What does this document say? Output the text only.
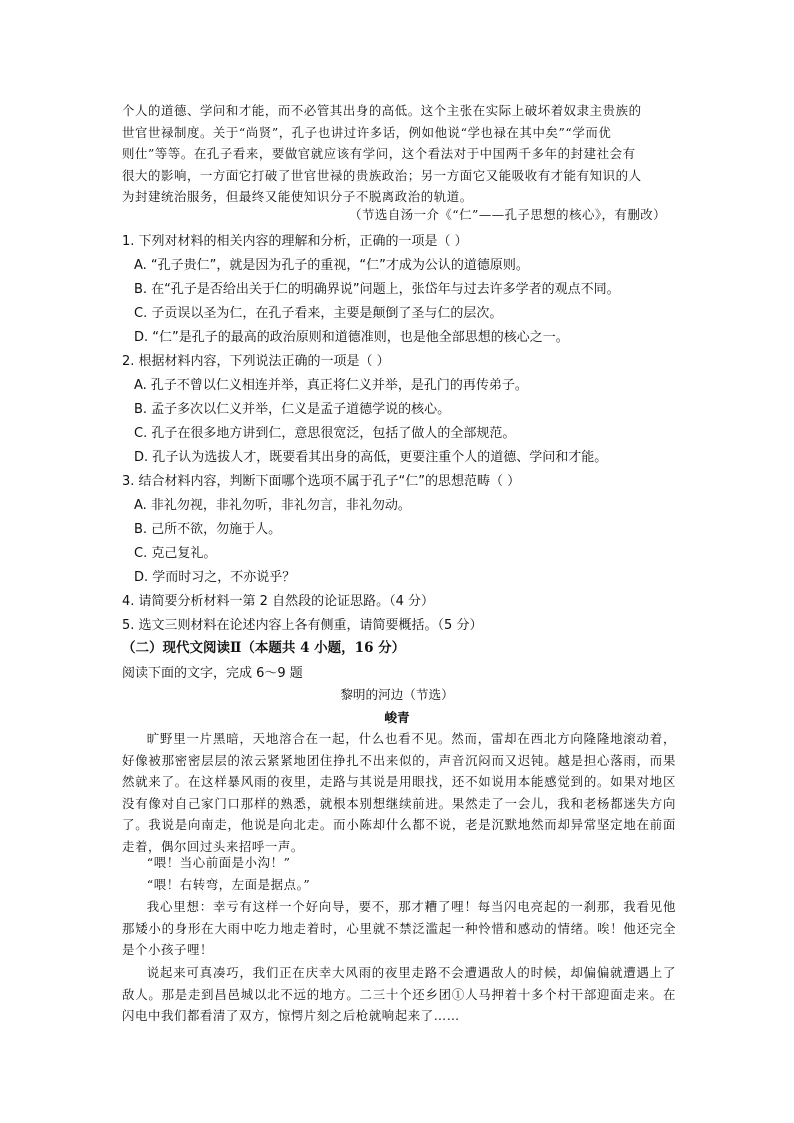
个人的道德、学问和才能，而不必管其出身的高低。这个主张在实际上破坏着奴隶主贵族的

世官世禄制度。关于“尚贤”，孔子也讲过许多话，例如他说“学也禄在其中矣”“学而优

则仕”等等。在孔子看来，要做官就应该有学问，这个看法对于中国两千多年的封建社会有

很大的影响，一方面它打破了世官世禄的贵族政治；另一方面它又能吸收有才能有知识的人

为封建统治服务，但最终又能使知识分子不脱离政治的轨道。

（节选自汤一介《“仁”——孔子思想的核心》，有删改）
1. 下列对材料的相关内容的理解和分析，正确的一项是（ ）
A. “孔子贵仁”，就是因为孔子的重视，“仁”才成为公认的道德原则。
B. 在“孔子是否给出关于仁的明确界说”问题上，张岱年与过去许多学者的观点不同。
C. 子贡误以圣为仁，在孔子看来，主要是颠倒了圣与仁的层次。
D. “仁”是孔子的最高的政治原则和道德准则，也是他全部思想的核心之一。
2. 根据材料内容，下列说法正确的一项是（ ）
A. 孔子不曾以仁义相连并举，真正将仁义并举，是孔门的再传弟子。
B. 孟子多次以仁义并举，仁义是孟子道德学说的核心。
C. 孔子在很多地方讲到仁，意思很宽泛，包括了做人的全部规范。
D. 孔子认为选拔人才，既要看其出身的高低，更要注重个人的道德、学问和才能。
3. 结合材料内容，判断下面哪个选项不属于孔子“仁”的思想范畴（ ）
A. 非礼勿视，非礼勿听，非礼勿言，非礼勿动。
B. 己所不欲，勿施于人。
C. 克己复礼。
D. 学而时习之，不亦说乎？
4. 请简要分析材料一第 2 自然段的论证思路。（4 分）
5. 选文三则材料在论述内容上各有侧重，请简要概括。（5 分）
（二）现代文阅读Ⅱ（本题共 4 小题，16 分）
阅读下面的文字，完成 6～9 题
黎明的河边（节选）
峻青
旷野里一片黑暗，天地溶合在一起，什么也看不见。然而，雷却在西北方向隆隆地滚动着，好像被那密密层层的浓云紧紧地团住挣扎不出来似的，声音沉闷而又迟钝。越是担心落雨，而果然就来了。在这样暴风雨的夜里，走路与其说是用眼找，还不如说用本能感觉到的。如果对地区没有像对自己家门口那样的熟悉，就根本别想继续前进。果然走了一会儿，我和老杨都迷失方向了。我说是向南走，他说是向北走。而小陈却什么都不说，老是沉默地然而却异常坚定地在前面走着，偶尔回过头来招呼一声。
“喂！当心前面是小沟！”
“喂！右转弯，左面是据点。”
我心里想：幸亏有这样一个好向导，要不，那才糟了哩！每当闪电亮起的一刹那，我看见他那矮小的身形在大雨中吃力地走着时，心里就不禁泛滥起一种怜惜和感动的情绪。唉！他还完全是个小孩子哩！
说起来可真凑巧，我们正在庆幸大风雨的夜里走路不会遭遇敌人的时候，却偏偏就遭遇上了敌人。那是走到昌邑城以北不远的地方。二三十个还乡团①人马押着十多个村干部迎面走来。在闪电中我们都看清了双方，惊愕片刻之后枪就响起来了……
